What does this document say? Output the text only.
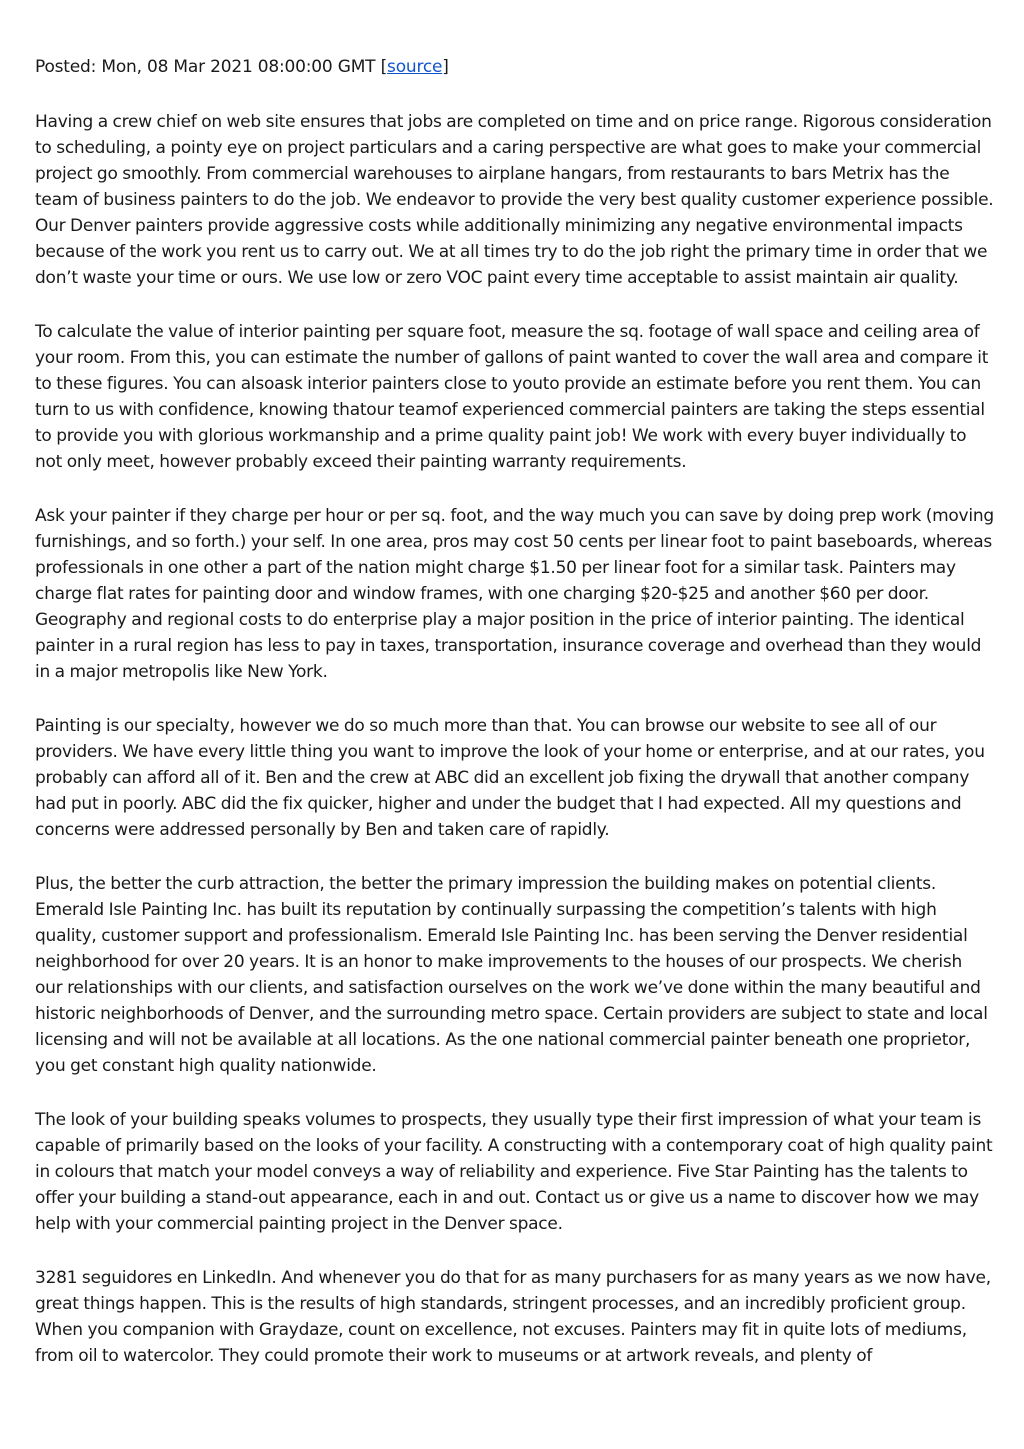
Posted: Mon, 08 Mar 2021 08:00:00 GMT [source]

Having a crew chief on web site ensures that jobs are completed on time and on price range. Rigorous consideration to scheduling, a pointy eye on project particulars and a caring perspective are what goes to make your commercial project go smoothly. From commercial warehouses to airplane hangars, from restaurants to bars Metrix has the team of business painters to do the job. We endeavor to provide the very best quality customer experience possible. Our Denver painters provide aggressive costs while additionally minimizing any negative environmental impacts because of the work you rent us to carry out. We at all times try to do the job right the primary time in order that we don’t waste your time or ours. We use low or zero VOC paint every time acceptable to assist maintain air quality.

To calculate the value of interior painting per square foot, measure the sq. footage of wall space and ceiling area of your room. From this, you can estimate the number of gallons of paint wanted to cover the wall area and compare it to these figures. You can alsoask interior painters close to youto provide an estimate before you rent them. You can turn to us with confidence, knowing thatour teamof experienced commercial painters are taking the steps essential to provide you with glorious workmanship and a prime quality paint job! We work with every buyer individually to not only meet, however probably exceed their painting warranty requirements.

Ask your painter if they charge per hour or per sq. foot, and the way much you can save by doing prep work (moving furnishings, and so forth.) your self. In one area, pros may cost 50 cents per linear foot to paint baseboards, whereas professionals in one other a part of the nation might charge $1.50 per linear foot for a similar task. Painters may charge flat rates for painting door and window frames, with one charging $20-$25 and another $60 per door. Geography and regional costs to do enterprise play a major position in the price of interior painting. The identical painter in a rural region has less to pay in taxes, transportation, insurance coverage and overhead than they would in a major metropolis like New York.

Painting is our specialty, however we do so much more than that. You can browse our website to see all of our providers. We have every little thing you want to improve the look of your home or enterprise, and at our rates, you probably can afford all of it. Ben and the crew at ABC did an excellent job fixing the drywall that another company had put in poorly. ABC did the fix quicker, higher and under the budget that I had expected. All my questions and concerns were addressed personally by Ben and taken care of rapidly.

Plus, the better the curb attraction, the better the primary impression the building makes on potential clients. Emerald Isle Painting Inc. has built its reputation by continually surpassing the competition’s talents with high quality, customer support and professionalism. Emerald Isle Painting Inc. has been serving the Denver residential neighborhood for over 20 years. It is an honor to make improvements to the houses of our prospects. We cherish our relationships with our clients, and satisfaction ourselves on the work we’ve done within the many beautiful and historic neighborhoods of Denver, and the surrounding metro space. Certain providers are subject to state and local licensing and will not be available at all locations. As the one national commercial painter beneath one proprietor, you get constant high quality nationwide.

The look of your building speaks volumes to prospects, they usually type their first impression of what your team is capable of primarily based on the looks of your facility. A constructing with a contemporary coat of high quality paint in colours that match your model conveys a way of reliability and experience. Five Star Painting has the talents to offer your building a stand-out appearance, each in and out. Contact us or give us a name to discover how we may help with your commercial painting project in the Denver space.

3281 seguidores en LinkedIn. And whenever you do that for as many purchasers for as many years as we now have, great things happen. This is the results of high standards, stringent processes, and an incredibly proficient group. When you companion with Graydaze, count on excellence, not excuses. Painters may fit in quite lots of mediums, from oil to watercolor. They could promote their work to museums or at artwork reveals, and plenty of
